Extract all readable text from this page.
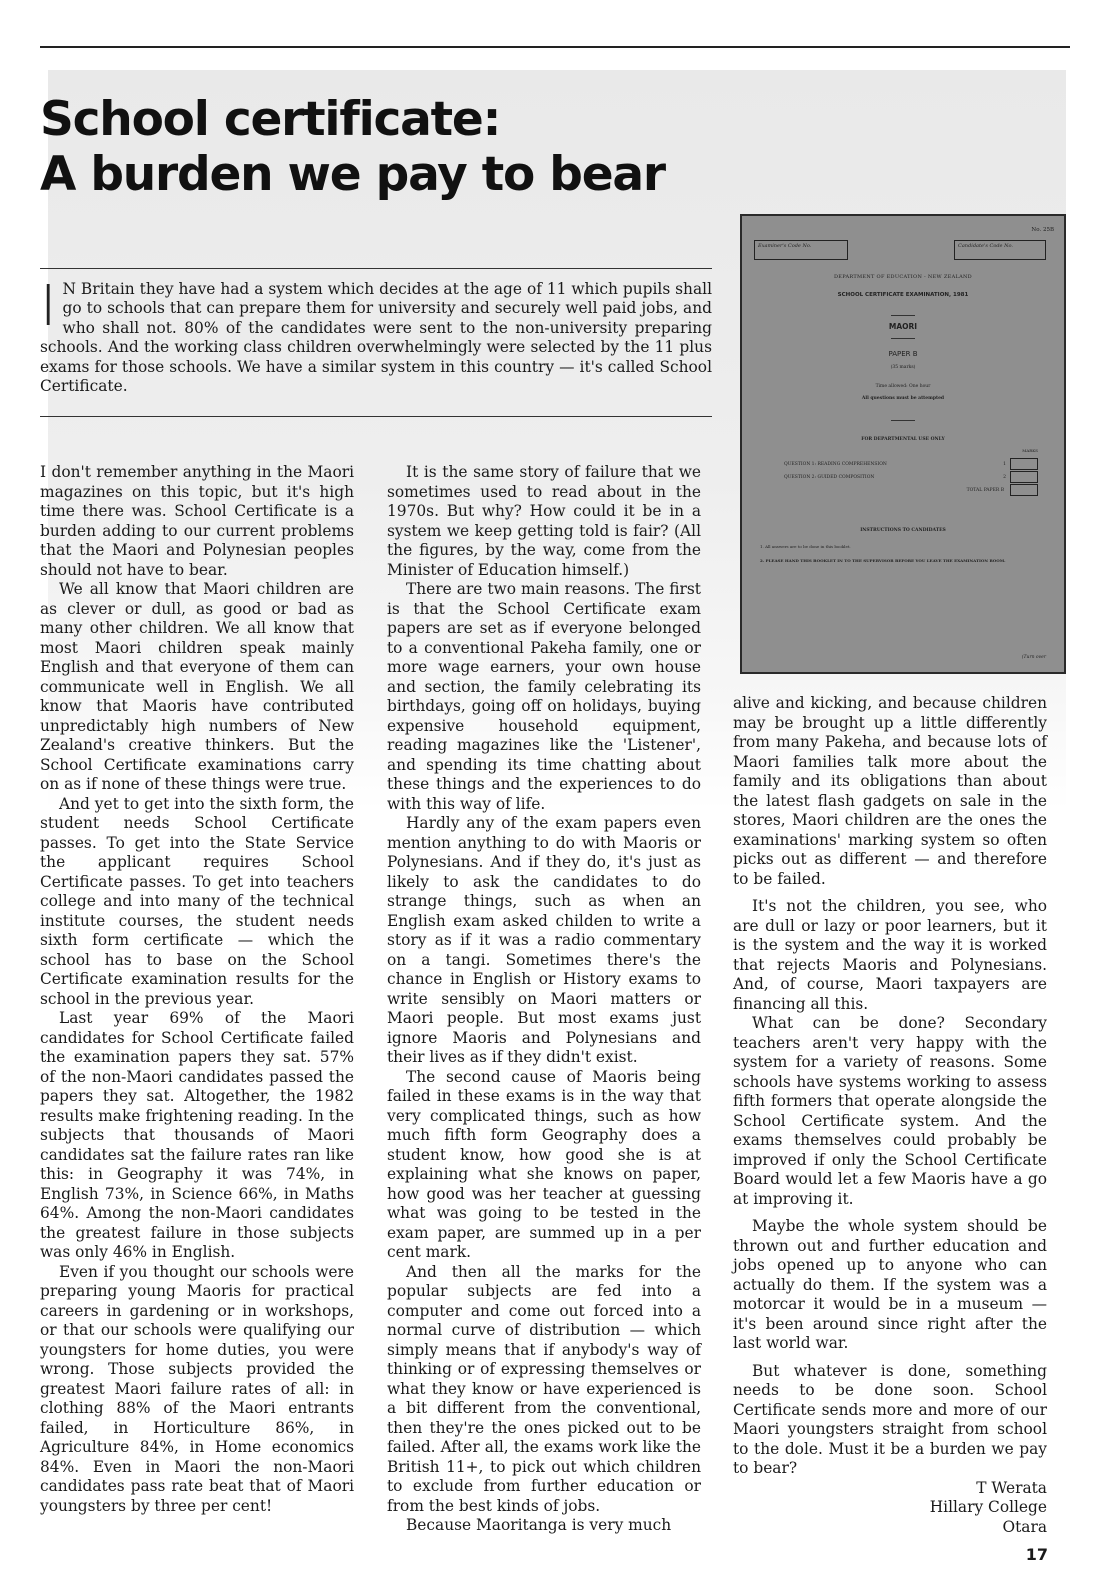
School certificate:
A burden we pay to bear

I N Britain they have had a system which decides at the age of 11 which pupils shall go to schools that can prepare them for university and securely well paid jobs, and who shall not. 80% of the candidates were sent to the non-university preparing schools. And the working class children overwhelmingly were selected by the 11 plus exams for those schools. We have a similar system in this country — it's called School Certificate.

No. 25B
Examiner's Code No.	Candidate's Code No.
DEPARTMENT OF EDUCATION - NEW ZEALAND
SCHOOL CERTIFICATE EXAMINATION, 1981
MAORI
PAPER B
(35 marks)
Time allowed: One hour
All questions must be attempted
FOR DEPARTMENTAL USE ONLY
MARKS
QUESTION 1: READING COMPREHENSION	1
QUESTION 2: GUIDED COMPOSITION	2
TOTAL PAPER B
INSTRUCTIONS TO CANDIDATES
1. All answers are to be done in this booklet.
2. PLEASE HAND THIS BOOKLET IN TO THE SUPERVISOR BEFORE YOU LEAVE THE EXAMINATION ROOM.
(Turn over

I don't remember anything in the Maori magazines on this topic, but it's high time there was. School Certificate is a burden adding to our current problems that the Maori and Polynesian peoples should not have to bear.

We all know that Maori children are as clever or dull, as good or bad as many other children. We all know that most Maori children speak mainly English and that everyone of them can communicate well in English. We all know that Maoris have contributed unpredictably high numbers of New Zealand's creative thinkers. But the School Certificate examinations carry on as if none of these things were true.

And yet to get into the sixth form, the student needs School Certificate passes. To get into the State Service the applicant requires School Certificate passes. To get into teachers college and into many of the technical institute courses, the student needs sixth form certificate — which the school has to base on the School Certificate examination results for the school in the previous year.

Last year 69% of the Maori candidates for School Certificate failed the examination papers they sat. 57% of the non-Maori candidates passed the papers they sat. Altogether, the 1982 results make frightening reading. In the subjects that thousands of Maori candidates sat the failure rates ran like this: in Geography it was 74%, in English 73%, in Science 66%, in Maths 64%. Among the non-Maori candidates the greatest failure in those subjects was only 46% in English.

Even if you thought our schools were preparing young Maoris for practical careers in gardening or in workshops, or that our schools were qualifying our youngsters for home duties, you were wrong. Those subjects provided the greatest Maori failure rates of all: in clothing 88% of the Maori entrants failed, in Horticulture 86%, in Agriculture 84%, in Home economics 84%. Even in Maori the non-Maori candidates pass rate beat that of Maori youngsters by three per cent!

It is the same story of failure that we sometimes used to read about in the 1970s. But why? How could it be in a system we keep getting told is fair? (All the figures, by the way, come from the Minister of Education himself.)

There are two main reasons. The first is that the School Certificate exam papers are set as if everyone belonged to a conventional Pakeha family, one or more wage earners, your own house and section, the family celebrating its birthdays, going off on holidays, buying expensive household equipment, reading magazines like the 'Listener', and spending its time chatting about these things and the experiences to do with this way of life.

Hardly any of the exam papers even mention anything to do with Maoris or Polynesians. And if they do, it's just as likely to ask the candidates to do strange things, such as when an English exam asked childen to write a story as if it was a radio commentary on a tangi. Sometimes there's the chance in English or History exams to write sensibly on Maori matters or Maori people. But most exams just ignore Maoris and Polynesians and their lives as if they didn't exist.

The second cause of Maoris being failed in these exams is in the way that very complicated things, such as how much fifth form Geography does a student know, how good she is at explaining what she knows on paper, how good was her teacher at guessing what was going to be tested in the exam paper, are summed up in a per cent mark.

And then all the marks for the popular subjects are fed into a computer and come out forced into a normal curve of distribution — which simply means that if anybody's way of thinking or of expressing themselves or what they know or have experienced is a bit different from the conventional, then they're the ones picked out to be failed. After all, the exams work like the British 11+, to pick out which children to exclude from further education or from the best kinds of jobs.

Because Maoritanga is very much

alive and kicking, and because children may be brought up a little differently from many Pakeha, and because lots of Maori families talk more about the family and its obligations than about the latest flash gadgets on sale in the stores, Maori children are the ones the examinations' marking system so often picks out as different — and therefore to be failed.

It's not the children, you see, who are dull or lazy or poor learners, but it is the system and the way it is worked that rejects Maoris and Polynesians. And, of course, Maori taxpayers are financing all this.

What can be done? Secondary teachers aren't very happy with the system for a variety of reasons. Some schools have systems working to assess fifth formers that operate alongside the School Certificate system. And the exams themselves could probably be improved if only the School Certificate Board would let a few Maoris have a go at improving it.

Maybe the whole system should be thrown out and further education and jobs opened up to anyone who can actually do them. If the system was a motorcar it would be in a museum — it's been around since right after the last world war.

But whatever is done, something needs to be done soon. School Certificate sends more and more of our Maori youngsters straight from school to the dole. Must it be a burden we pay to bear?

T Werata

Hillary College

Otara

17
